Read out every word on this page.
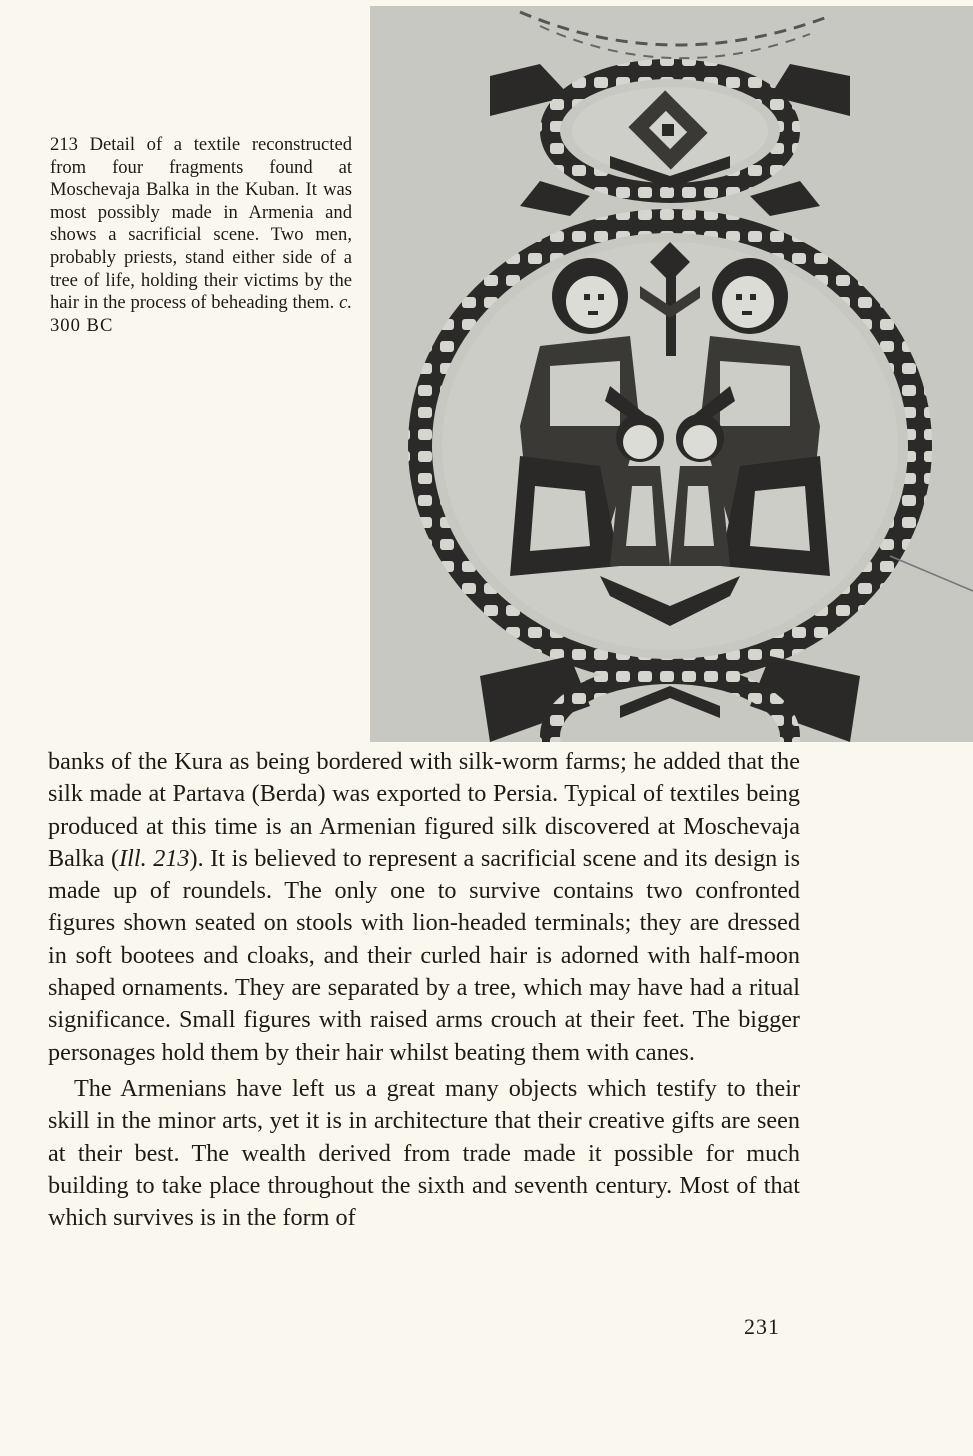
213 Detail of a textile reconstructed from four fragments found at Moschevaja Balka in the Kuban. It was most possibly made in Armenia and shows a sacrificial scene. Two men, probably priests, stand either side of a tree of life, holding their victims by the hair in the process of beheading them. c. 300 BC

banks of the Kura as being bordered with silk-worm farms; he added that the silk made at Partava (Berda) was exported to Persia. Typical of textiles being produced at this time is an Armenian figured silk discovered at Moschevaja Balka (Ill. 213). It is believed to represent a sacrificial scene and its design is made up of roundels. The only one to survive contains two confronted figures shown seated on stools with lion-headed terminals; they are dressed in soft bootees and cloaks, and their curled hair is adorned with half-moon shaped ornaments. They are separated by a tree, which may have had a ritual significance. Small figures with raised arms crouch at their feet. The bigger personages hold them by their hair whilst beating them with canes.

The Armenians have left us a great many objects which testify to their skill in the minor arts, yet it is in architecture that their creative gifts are seen at their best. The wealth derived from trade made it possible for much building to take place throughout the sixth and seventh century. Most of that which survives is in the form of

231
